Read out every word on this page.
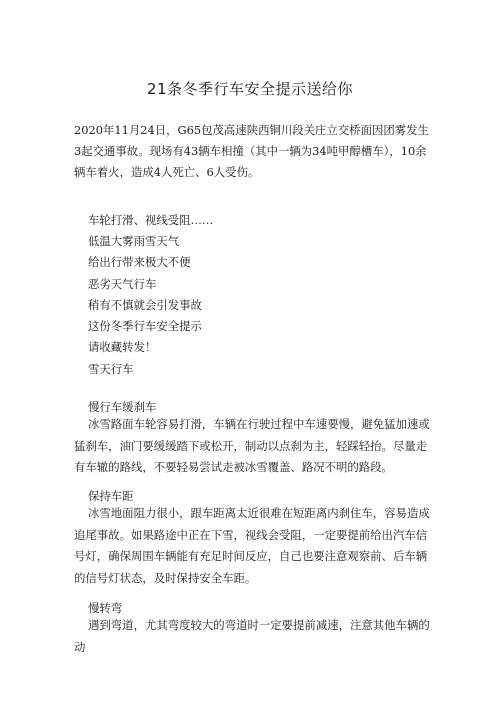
21条冬季行车安全提示送给你
2020年11月24日，G65包茂高速陕西铜川段关庄立交桥面因团雾发生3起交通事故。现场有43辆车相撞（其中一辆为34吨甲醇槽车），10余辆车着火，造成4人死亡、6人受伤。
车轮打滑、视线受阻……
低温大雾雨雪天气
给出行带来极大不便
恶劣天气行车
稍有不慎就会引发事故
这份冬季行车安全提示
请收藏转发！
雪天行车
慢行车缓刹车
冰雪路面车轮容易打滑，车辆在行驶过程中车速要慢，避免猛加速或猛刹车，油门要缓缓踏下或松开，制动以点刹为主，轻踩轻抬。尽量走有车辙的路线，不要轻易尝试走被冰雪覆盖、路况不明的路段。
保持车距
冰雪地面阻力很小，跟车距离太近很难在短距离内刹住车，容易造成追尾事故。如果路途中正在下雪，视线会受阻，一定要提前给出汽车信号灯，确保周围车辆能有充足时间反应，自己也要注意观察前、后车辆的信号灯状态，及时保持安全车距。
慢转弯
遇到弯道，尤其弯度较大的弯道时一定要提前减速，注意其他车辆的动
